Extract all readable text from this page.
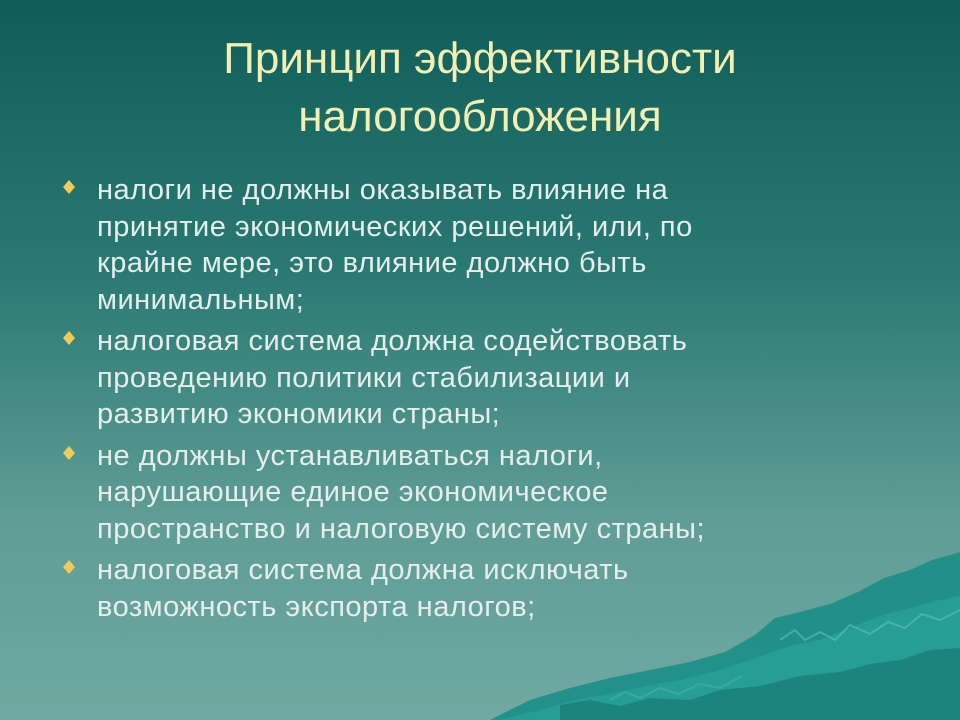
Принцип эффективности
налогообложения
налоги не должны оказывать влияние на
принятие экономических решений, или, по
крайне мере, это влияние должно быть
минимальным;
налоговая система должна содействовать
проведению политики стабилизации и
развитию экономики страны;
не должны устанавливаться налоги,
нарушающие единое экономическое
пространство и налоговую систему страны;
налоговая система должна исключать
возможность экспорта налогов;
